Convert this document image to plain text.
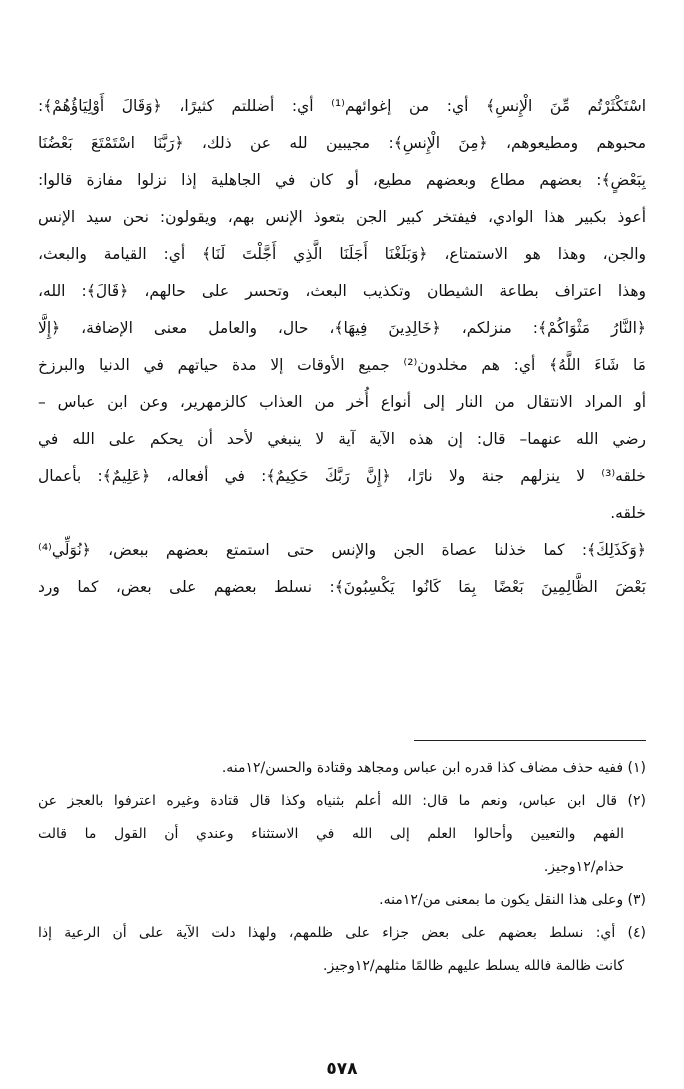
اسْتَكْثَرْتُم مِّنَ الْإِنسِ﴾ أي: من إغوائهم⁽¹⁾ أي: أضللتم كثيرًا، ﴿وَقَالَ أَوْلِيَاؤُهُمْ﴾:
محبوهم ومطيعوهم، ﴿مِنَ الْإِنسِ﴾: مجيبين لله عن ذلك، ﴿رَبَّنَا اسْتَمْتَعَ بَعْضُنَا
بِبَعْضٍ﴾: بعضهم مطاع وبعضهم مطيع، أو كان في الجاهلية إذا نزلوا مفازة قالوا:
أعوذ بكبير هذا الوادي، فيفتخر كبير الجن بتعوذ الإنس بهم، ويقولون: نحن سيد الإنس
والجن، وهذا هو الاستمتاع، ﴿وَبَلَغْنَا أَجَلَنَا الَّذِي أَجَّلْتَ لَنَا﴾ أي: القيامة والبعث،
وهذا اعتراف بطاعة الشيطان وتكذيب البعث، وتحسر على حالهم، ﴿قَالَ﴾: الله،
﴿النَّارُ مَثْوَاكُمْ﴾: منزلكم، ﴿خَالِدِينَ فِيهَا﴾، حال، والعامل معنى الإضافة، ﴿إِلَّا
مَا شَاءَ اللَّهُ﴾ أي: هم مخلدون⁽²⁾ جميع الأوقات إلا مدة حياتهم في الدنيا والبرزخ
أو المراد الانتقال من النار إلى أنواع أُخر من العذاب كالزمهرير، وعن ابن عباس –
رضي الله عنهما– قال: إن هذه الآية آية لا ينبغي لأحد أن يحكم على الله في
خلقه⁽³⁾ لا ينزلهم جنة ولا نارًا، ﴿إِنَّ رَبَّكَ حَكِيمٌ﴾: في أفعاله، ﴿عَلِيمٌ﴾: بأعمال
خلقه.
﴿وَكَذَلِكَ﴾: كما خذلنا عصاة الجن والإنس حتى استمتع بعضهم ببعض، ﴿نُوَلِّي⁽⁴⁾
بَعْضَ الظَّالِمِينَ بَعْضًا بِمَا كَانُوا يَكْسِبُونَ﴾: نسلط بعضهم على بعض، كما ورد
(١) ففيه حذف مضاف كذا قدره ابن عباس ومجاهد وقتادة والحسن/١٢منه.
(٢) قال ابن عباس، ونعم ما قال: الله أعلم بثنياه وكذا قال قتادة وغيره اعترفوا بالعجز عن
الفهم والتعيين وأحالوا العلم إلى الله في الاستثناء وعندي أن القول ما قالت
حذام/١٢وجيز.
(٣) وعلى هذا النقل يكون ما بمعنى من/١٢منه.
(٤) أي: نسلط بعضهم على بعض جزاء على ظلمهم، ولهذا دلت الآية على أن الرعية إذا
كانت ظالمة فالله يسلط عليهم ظالمًا مثلهم/١٢وجيز.
٥٧٨
